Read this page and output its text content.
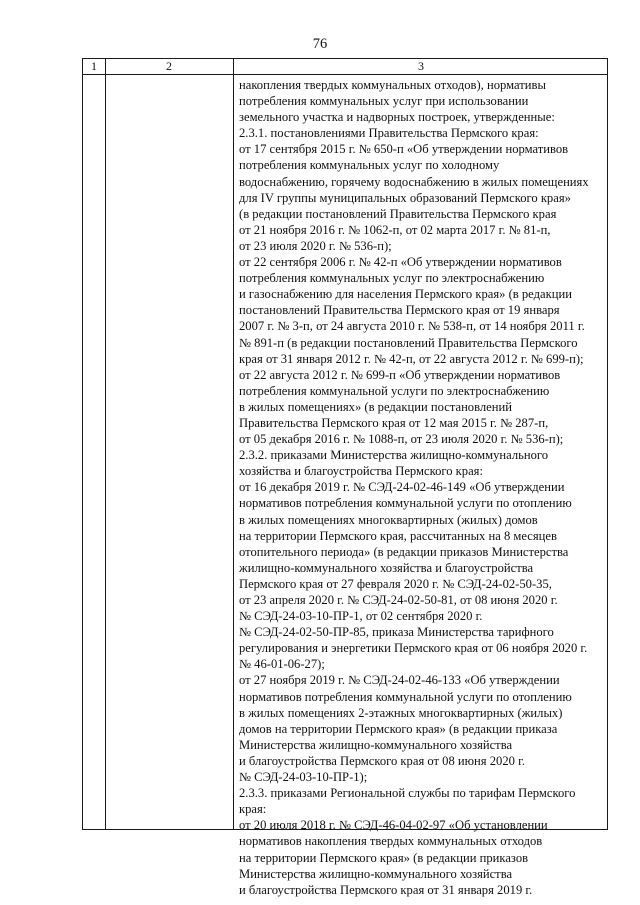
76
1	2	3
накопления твердых коммунальных отходов), нормативы
потребления коммунальных услуг при использовании
земельного участка и надворных построек, утвержденные:
2.3.1. постановлениями Правительства Пермского края:
от 17 сентября 2015 г. № 650-п «Об утверждении нормативов
потребления коммунальных услуг по холодному
водоснабжению, горячему водоснабжению в жилых помещениях
для IV группы муниципальных образований Пермского края»
(в редакции постановлений Правительства Пермского края
от 21 ноября 2016 г. № 1062-п, от 02 марта 2017 г. № 81-п,
от 23 июля 2020 г. № 536-п);
от 22 сентября 2006 г. № 42-п «Об утверждении нормативов
потребления коммунальных услуг по электроснабжению
и газоснабжению для населения Пермского края» (в редакции
постановлений Правительства Пермского края от 19 января
2007 г. № 3-п, от 24 августа 2010 г. № 538-п, от 14 ноября 2011 г.
№ 891-п (в редакции постановлений Правительства Пермского
края от 31 января 2012 г. № 42-п, от 22 августа 2012 г. № 699-п);
от 22 августа 2012 г. № 699-п «Об утверждении нормативов
потребления коммунальной услуги по электроснабжению
в жилых помещениях» (в редакции постановлений
Правительства Пермского края от 12 мая 2015 г. № 287-п,
от 05 декабря 2016 г. № 1088-п, от 23 июля 2020 г. № 536-п);
2.3.2. приказами Министерства жилищно-коммунального
хозяйства и благоустройства Пермского края:
от 16 декабря 2019 г. № СЭД-24-02-46-149 «Об утверждении
нормативов потребления коммунальной услуги по отоплению
в жилых помещениях многоквартирных (жилых) домов
на территории Пермского края, рассчитанных на 8 месяцев
отопительного периода» (в редакции приказов Министерства
жилищно-коммунального хозяйства и благоустройства
Пермского края от 27 февраля 2020 г. № СЭД-24-02-50-35,
от 23 апреля 2020 г. № СЭД-24-02-50-81, от 08 июня 2020 г.
№ СЭД-24-03-10-ПР-1, от 02 сентября 2020 г.
№ СЭД-24-02-50-ПР-85, приказа Министерства тарифного
регулирования и энергетики Пермского края от 06 ноября 2020 г.
№ 46-01-06-27);
от 27 ноября 2019 г. № СЭД-24-02-46-133 «Об утверждении
нормативов потребления коммунальной услуги по отоплению
в жилых помещениях 2-этажных многоквартирных (жилых)
домов на территории Пермского края» (в редакции приказа
Министерства жилищно-коммунального хозяйства
и благоустройства Пермского края от 08 июня 2020 г.
№ СЭД-24-03-10-ПР-1);
2.3.3. приказами Региональной службы по тарифам Пермского
края:
от 20 июля 2018 г. № СЭД-46-04-02-97 «Об установлении
нормативов накопления твердых коммунальных отходов
на территории Пермского края» (в редакции приказов
Министерства жилищно-коммунального хозяйства
и благоустройства Пермского края от 31 января 2019 г.
